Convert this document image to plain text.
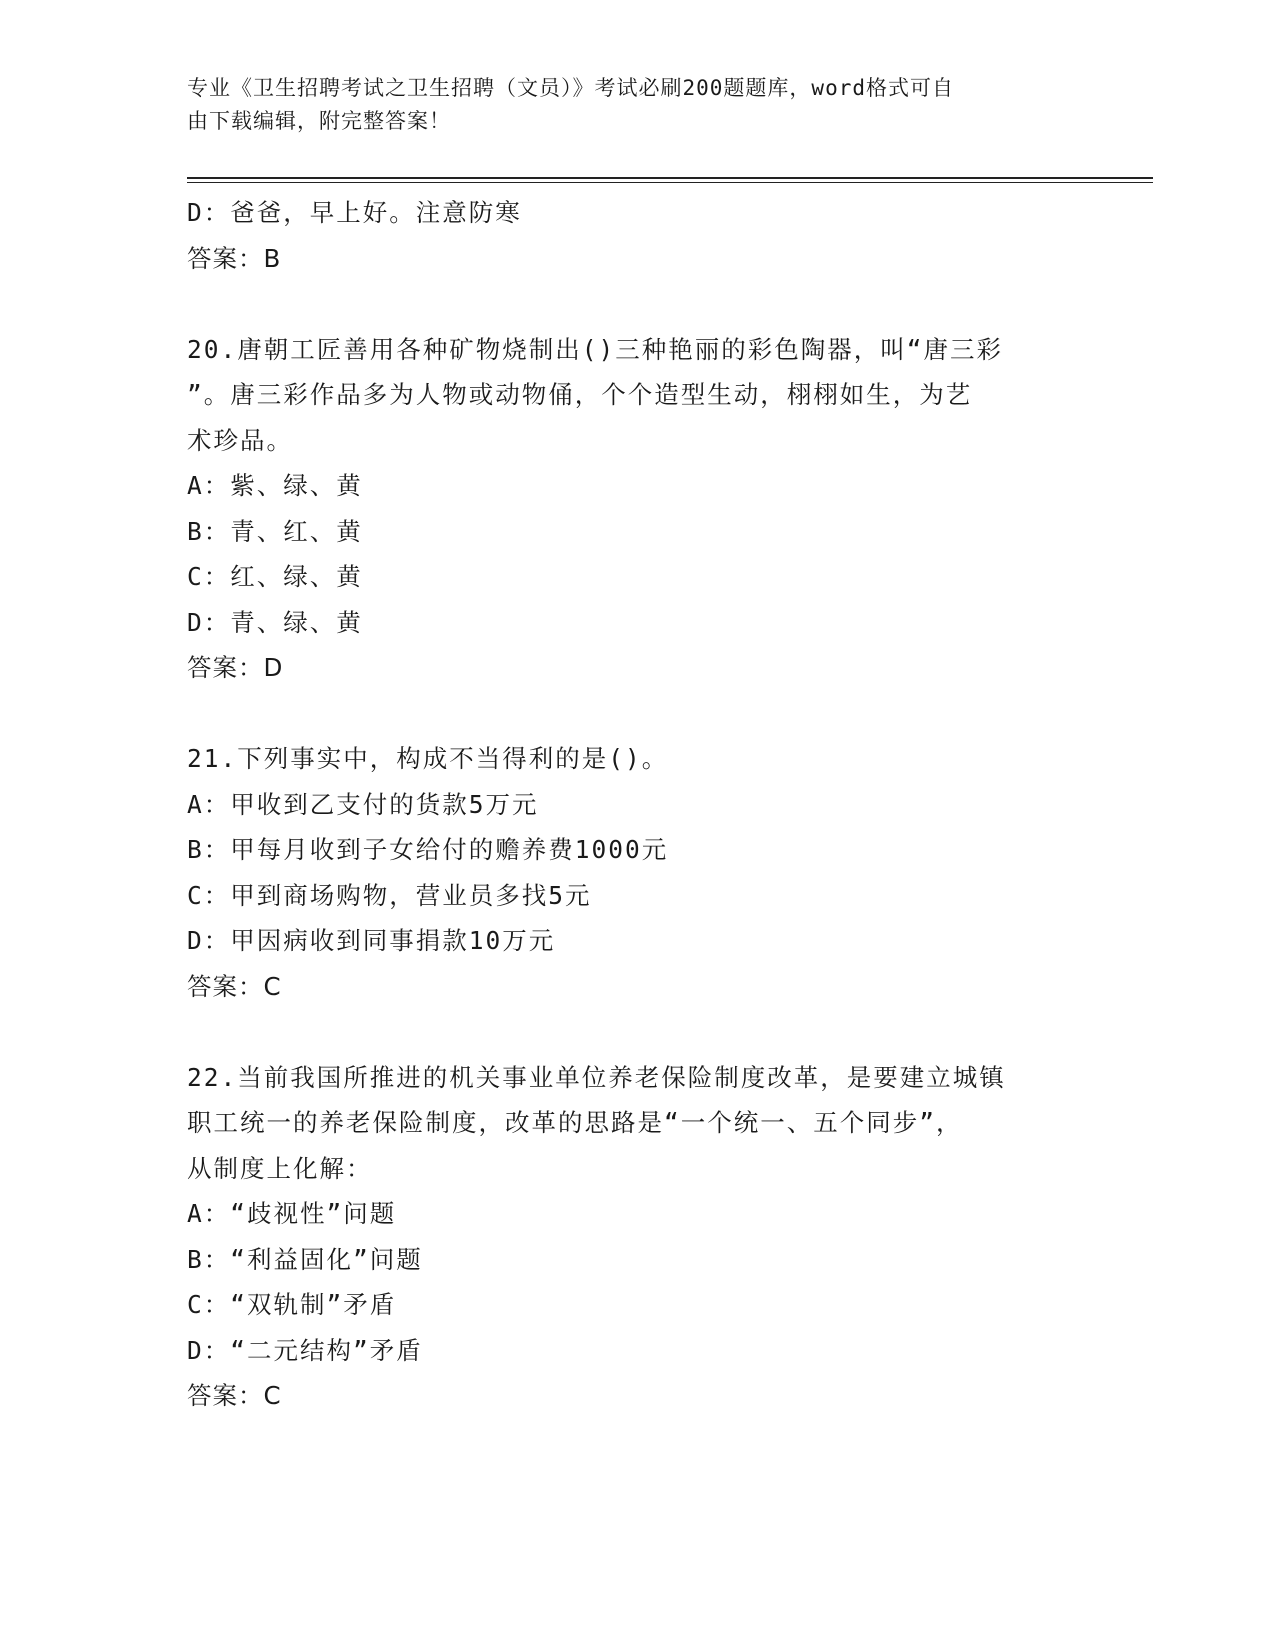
专业《卫生招聘考试之卫生招聘（文员）》考试必刷200题题库，word格式可自
由下载编辑，附完整答案！
D：爸爸，早上好。注意防寒
答案：B
20.唐朝工匠善用各种矿物烧制出()三种艳丽的彩色陶器，叫“唐三彩
”。唐三彩作品多为人物或动物俑，个个造型生动，栩栩如生，为艺
术珍品。
A：紫、绿、黄
B：青、红、黄
C：红、绿、黄
D：青、绿、黄
答案：D
21.下列事实中，构成不当得利的是()。
A：甲收到乙支付的货款5万元
B：甲每月收到子女给付的赡养费1000元
C：甲到商场购物，营业员多找5元
D：甲因病收到同事捐款10万元
答案：C
22.当前我国所推进的机关事业单位养老保险制度改革，是要建立城镇
职工统一的养老保险制度，改革的思路是“一个统一、五个同步”，
从制度上化解：
A：“歧视性”问题
B：“利益固化”问题
C：“双轨制”矛盾
D：“二元结构”矛盾
答案：C
